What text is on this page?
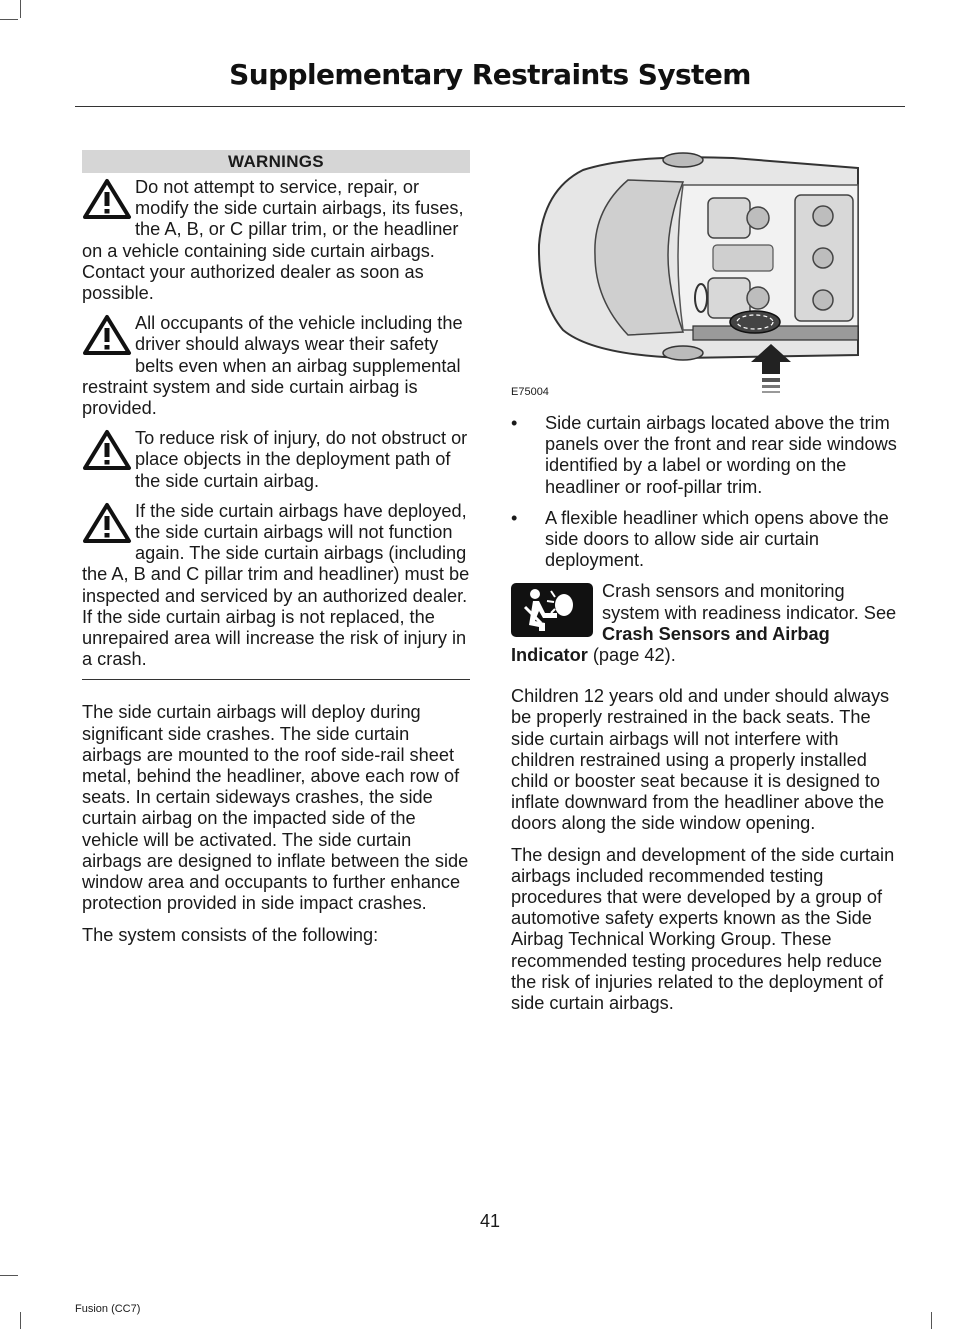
Supplementary Restraints System
WARNINGS
Do not attempt to service, repair, or modify the side curtain airbags, its fuses, the A, B, or C pillar trim, or the headliner on a vehicle containing side curtain airbags. Contact your authorized dealer as soon as possible.
All occupants of the vehicle including the driver should always wear their safety belts even when an airbag supplemental restraint system and side curtain airbag is provided.
To reduce risk of injury, do not obstruct or place objects in the deployment path of the side curtain airbag.
If the side curtain airbags have deployed, the side curtain airbags will not function again. The side curtain airbags (including the A, B and C pillar trim and headliner) must be inspected and serviced by an authorized dealer. If the side curtain airbag is not replaced, the unrepaired area will increase the risk of injury in a crash.

The side curtain airbags will deploy during significant side crashes. The side curtain airbags are mounted to the roof side-rail sheet metal, behind the headliner, above each row of seats. In certain sideways crashes, the side curtain airbag on the impacted side of the vehicle will be activated. The side curtain airbags are designed to inflate between the side window area and occupants to further enhance protection provided in side impact crashes.

The system consists of the following:

E75004
• Side curtain airbags located above the trim panels over the front and rear side windows identified by a label or wording on the headliner or roof-pillar trim.
• A flexible headliner which opens above the side doors to allow side air curtain deployment.
Crash sensors and monitoring system with readiness indicator. See Crash Sensors and Airbag Indicator (page 42).

Children 12 years old and under should always be properly restrained in the back seats. The side curtain airbags will not interfere with children restrained using a properly installed child or booster seat because it is designed to inflate downward from the headliner above the doors along the side window opening.

The design and development of the side curtain airbags included recommended testing procedures that were developed by a group of automotive safety experts known as the Side Airbag Technical Working Group. These recommended testing procedures help reduce the risk of injuries related to the deployment of side curtain airbags.

41
Fusion (CC7)
